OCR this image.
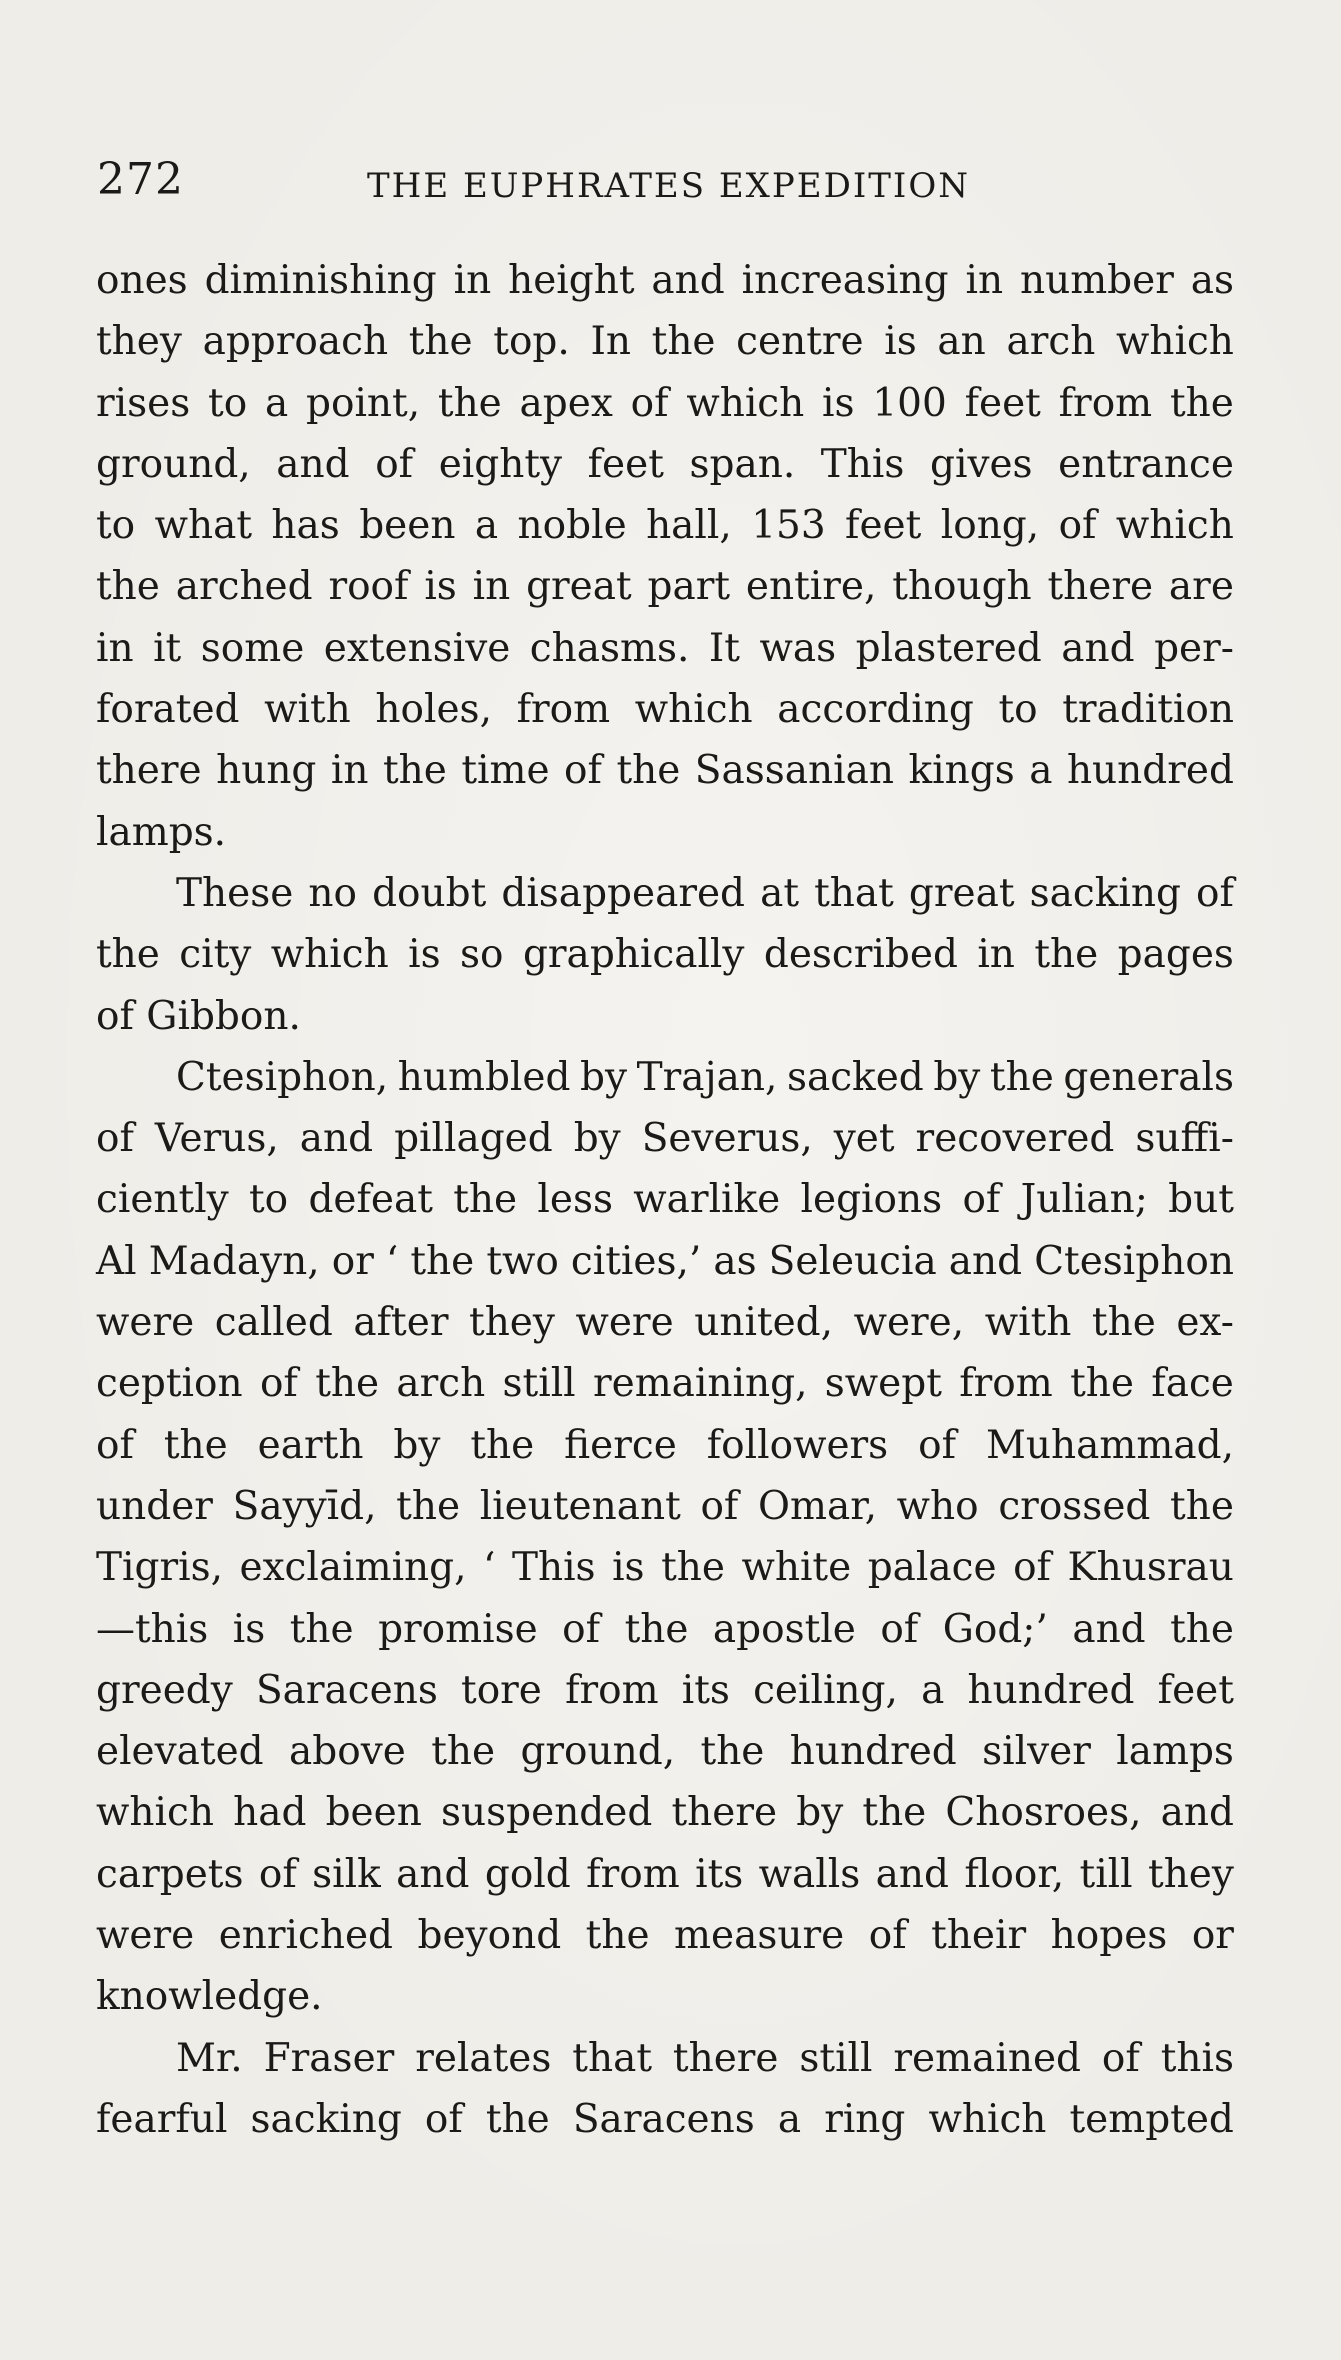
272	THE EUPHRATES EXPEDITION
ones diminishing in height and increasing in number as
they approach the top. In the centre is an arch which
rises to a point, the apex of which is 100 feet from the
ground, and of eighty feet span. This gives entrance
to what has been a noble hall, 153 feet long, of which
the arched roof is in great part entire, though there are
in it some extensive chasms. It was plastered and per-
forated with holes, from which according to tradition
there hung in the time of the Sassanian kings a hundred
lamps.
These no doubt disappeared at that great sacking of
the city which is so graphically described in the pages
of Gibbon.
Ctesiphon, humbled by Trajan, sacked by the generals
of Verus, and pillaged by Severus, yet recovered suffi-
ciently to defeat the less warlike legions of Julian; but
Al Madayn, or ‘ the two cities,’ as Seleucia and Ctesiphon
were called after they were united, were, with the ex-
ception of the arch still remaining, swept from the face
of the earth by the fierce followers of Muhammad,
under Sayyīd, the lieutenant of Omar, who crossed the
Tigris, exclaiming, ‘ This is the white palace of Khusrau
—this is the promise of the apostle of God;’ and the
greedy Saracens tore from its ceiling, a hundred feet
elevated above the ground, the hundred silver lamps
which had been suspended there by the Chosroes, and
carpets of silk and gold from its walls and floor, till they
were enriched beyond the measure of their hopes or
knowledge.
Mr. Fraser relates that there still remained of this
fearful sacking of the Saracens a ring which tempted
